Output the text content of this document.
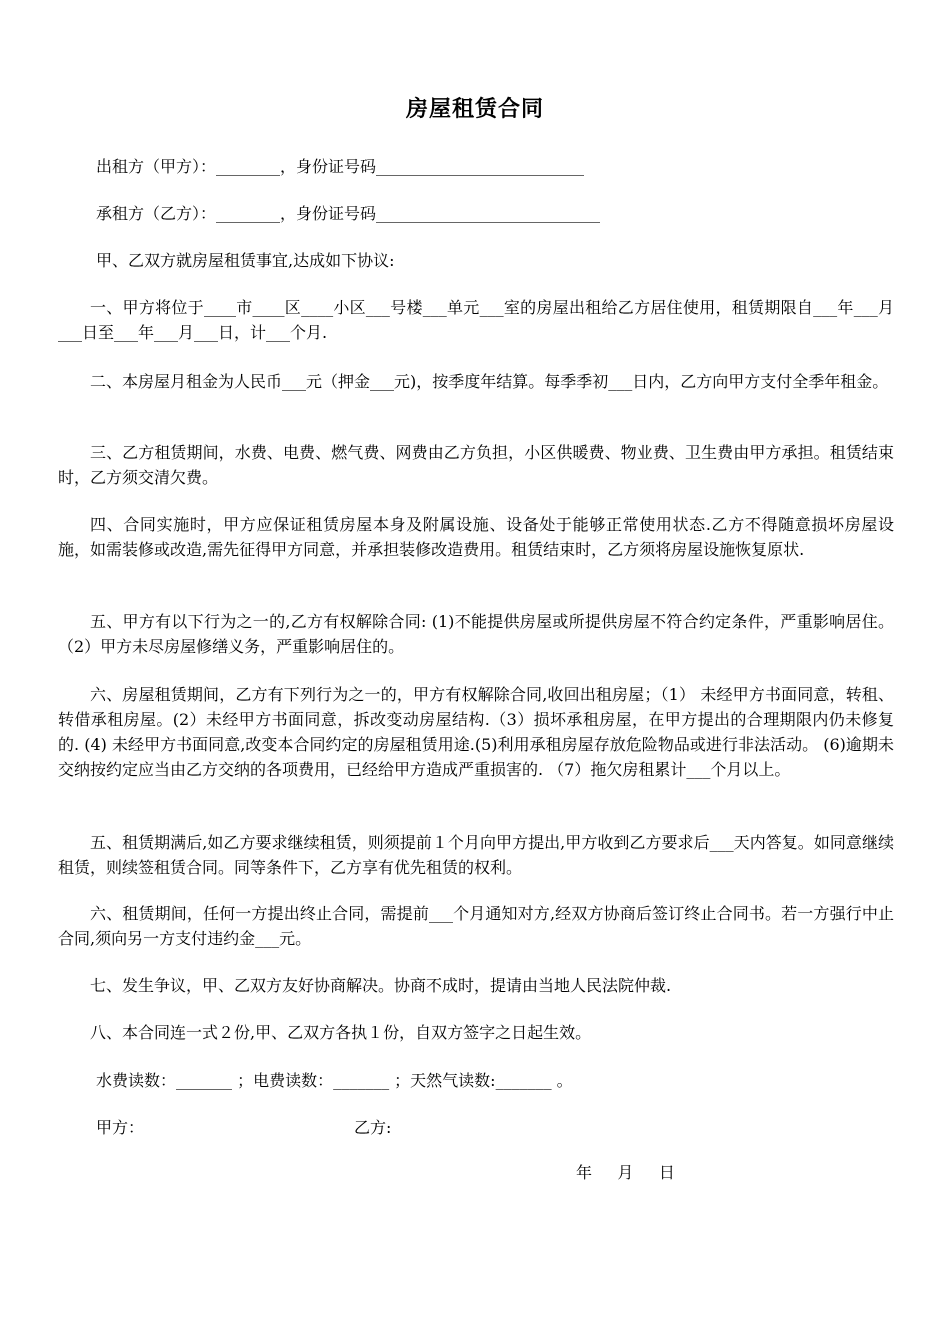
房屋租赁合同
出租方（甲方）：________，身份证号码__________________________
承租方（乙方）：________，身份证号码____________________________
甲、乙双方就房屋租赁事宜,达成如下协议:
一、甲方将位于____市____区____小区___号楼___单元___室的房屋出租给乙方居住使用，租赁期限自___年___月___日至___年___月___日，计___个月.
二、本房屋月租金为人民币___元（押金___元)，按季度年结算。每季季初___日内，乙方向甲方支付全季年租金。
三、乙方租赁期间，水费、电费、燃气费、网费由乙方负担，小区供暖费、物业费、卫生费由甲方承担。租赁结束时，乙方须交清欠费。
四、合同实施时，甲方应保证租赁房屋本身及附属设施、设备处于能够正常使用状态.乙方不得随意损坏房屋设施，如需装修或改造,需先征得甲方同意，并承担装修改造费用。租赁结束时，乙方须将房屋设施恢复原状.
五、甲方有以下行为之一的,乙方有权解除合同: (1)不能提供房屋或所提供房屋不符合约定条件，严重影响居住。 （2）甲方未尽房屋修缮义务，严重影响居住的。
六、房屋租赁期间，乙方有下列行为之一的，甲方有权解除合同,收回出租房屋；（1） 未经甲方书面同意，转租、转借承租房屋。(2）未经甲方书面同意，拆改变动房屋结构.（3）损坏承租房屋，在甲方提出的合理期限内仍未修复的. (4) 未经甲方书面同意,改变本合同约定的房屋租赁用途.(5)利用承租房屋存放危险物品或进行非法活动。 (6)逾期未交纳按约定应当由乙方交纳的各项费用，已经给甲方造成严重损害的. （7）拖欠房租累计___个月以上。
五、租赁期满后,如乙方要求继续租赁，则须提前１个月向甲方提出,甲方收到乙方要求后___天内答复。如同意继续租赁，则续签租赁合同。同等条件下，乙方享有优先租赁的权利。
六、租赁期间，任何一方提出终止合同，需提前___个月通知对方,经双方协商后签订终止合同书。若一方强行中止合同,须向另一方支付违约金___元。
七、发生争议，甲、乙双方友好协商解决。协商不成时，提请由当地人民法院仲裁.
八、本合同连一式２份,甲、乙双方各执１份，自双方签字之日起生效。
水费读数：_______ ；电费读数：_______ ；天然气读数:_______ 。
甲方：	乙方:
年     月     日
